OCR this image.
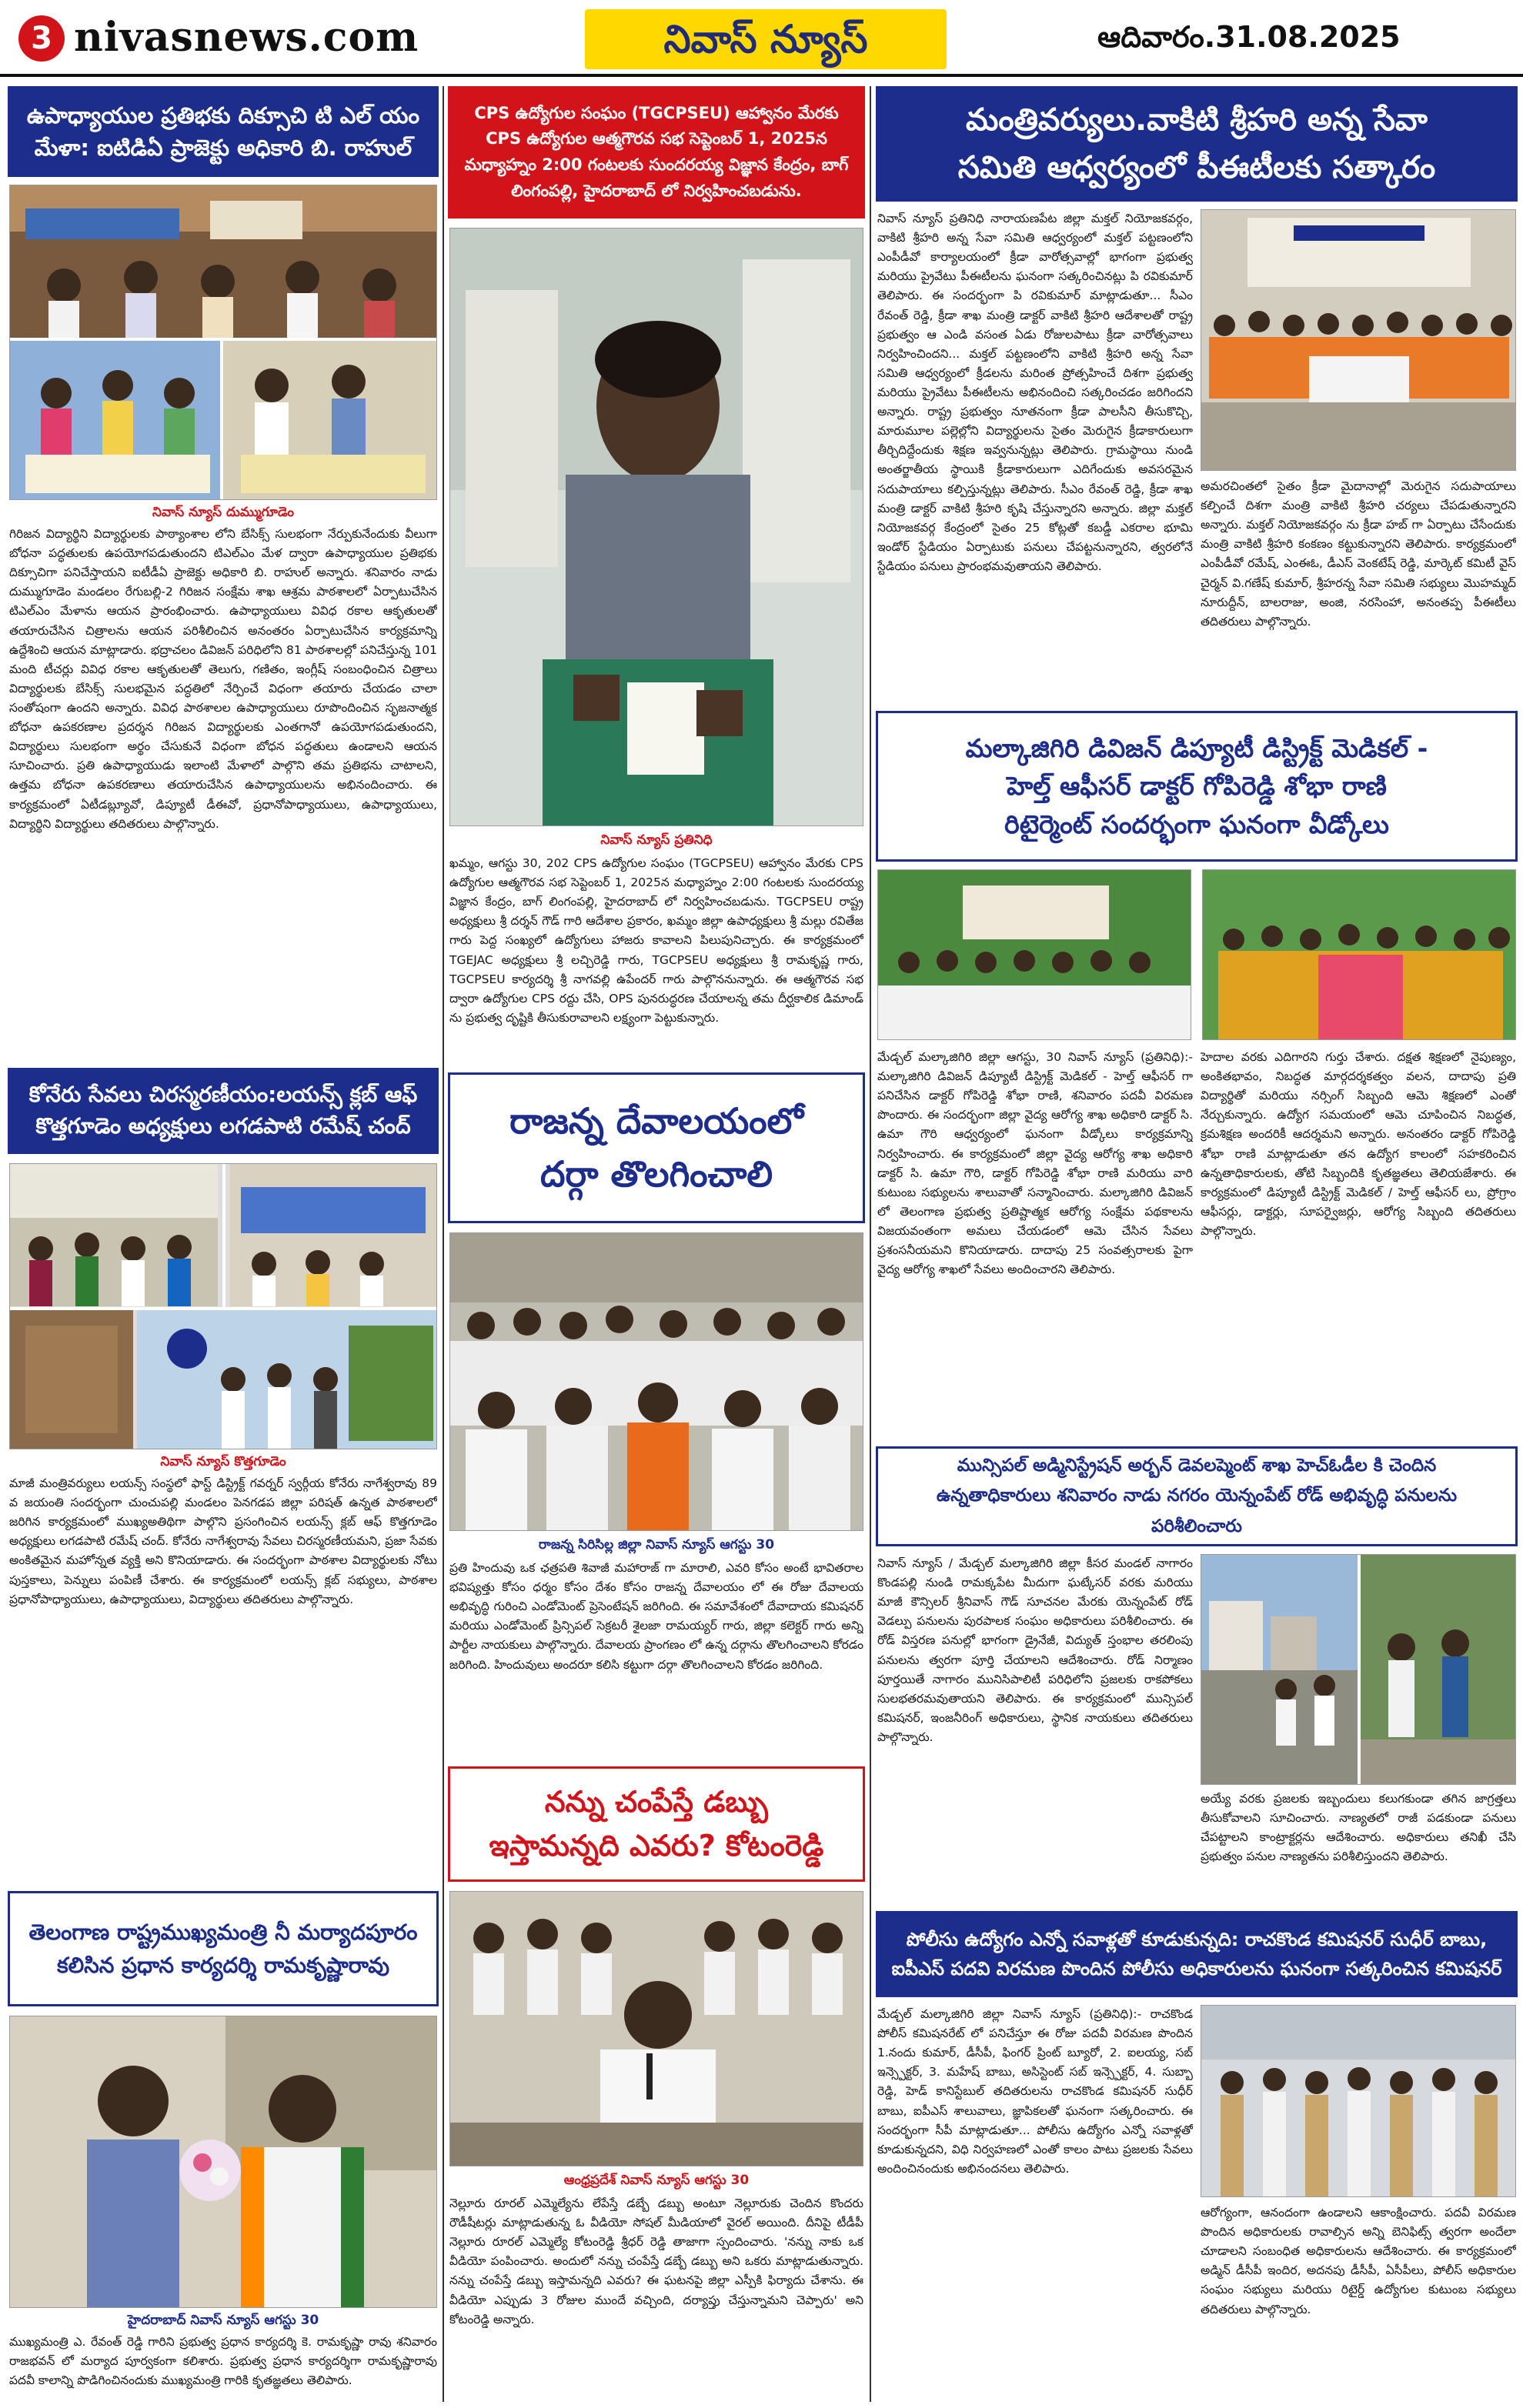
3 nivasnews.com	నివాస్ న్యూస్	ఆదివారం.31.08.2025
ఉపాధ్యాయుల ప్రతిభకు దిక్సూచి టి ఎల్ యం
మేళా: ఐటిడిఏ ప్రాజెక్టు అధికారి బి. రాహుల్
నివాస్ న్యూస్ దుమ్ముగూడెం
గిరిజన విద్యార్థిని విద్యార్థులకు పాఠ్యాంశాల లోని బేసిక్స్ సులభంగా నేర్పుకునేందుకు వీలుగా బోధనా పద్ధతులకు ఉపయోగపడుతుందని టిఎల్ఎం మేళ ద్వారా ఉపాధ్యాయుల ప్రతిభకు దిక్సూచిగా పనిచేస్తాయని ఐటీడీఏ ప్రాజెక్టు అధికారి బి. రాహుల్ అన్నారు. శనివారం నాడు దుమ్ముగూడెం మండలం రేగుబల్లి-2 గిరిజన సంక్షేమ శాఖ ఆశ్రమ పాఠశాలలో ఏర్పాటుచేసిన టిఎల్ఎం మేళాను ఆయన ప్రారంభించారు. ఉపాధ్యాయులు వివిధ రకాల ఆకృతులతో తయారుచేసిన చిత్రాలను ఆయన పరిశీలించిన అనంతరం ఏర్పాటుచేసిన కార్యక్రమాన్ని ఉద్దేశించి ఆయన మాట్లాడారు. భద్రాచలం డివిజన్ పరిధిలోని 81 పాఠశాలల్లో పనిచేస్తున్న 101 మంది టీచర్లు వివిధ రకాల ఆకృతులతో తెలుగు, గణితం, ఇంగ్లీష్ సంబంధించిన చిత్రాలు విద్యార్థులకు బేసిక్స్ సులభమైన పద్ధతిలో నేర్పించే విధంగా తయారు చేయడం చాలా సంతోషంగా ఉందని అన్నారు. వివిధ పాఠశాలల ఉపాధ్యాయులు రూపొందించిన సృజనాత్మక బోధనా ఉపకరణాల ప్రదర్శన గిరిజన విద్యార్థులకు ఎంతగానో ఉపయోగపడుతుందని, విద్యార్థులు సులభంగా అర్థం చేసుకునే విధంగా బోధన పద్ధతులు ఉండాలని ఆయన సూచించారు. ప్రతి ఉపాధ్యాయుడు ఇలాంటి మేళాలో పాల్గొని తమ ప్రతిభను చాటాలని, ఉత్తమ బోధనా ఉపకరణాలు తయారుచేసిన ఉపాధ్యాయులను అభినందించారు. ఈ కార్యక్రమంలో ఏటీడబ్ల్యూవో, డిప్యూటీ డీఈవో, ప్రధానోపాధ్యాయులు, ఉపాధ్యాయులు, విద్యార్థిని విద్యార్థులు తదితరులు పాల్గొన్నారు.
కోనేరు సేవలు చిరస్మరణీయం:లయన్స్ క్లబ్ ఆఫ్
కొత్తగూడెం అధ్యక్షులు లగడపాటి రమేష్ చంద్
నివాస్ న్యూస్ కొత్తగూడెం
మాజీ మంత్రివర్యులు లయన్స్ సంస్థలో ఫాస్ట్ డిస్ట్రిక్ట్ గవర్నర్ స్వర్గీయ కోనేరు నాగేశ్వరావు 89 వ జయంతి సందర్భంగా చుంచుపల్లి మండలం పెనగడప జిల్లా పరిషత్ ఉన్నత పాఠశాలలో జరిగిన కార్యక్రమంలో ముఖ్యఅతిథిగా పాల్గొని ప్రసంగించిన లయన్స్ క్లబ్ ఆఫ్ కొత్తగూడెం అధ్యక్షులు లగడపాటి రమేష్ చంద్. కోనేరు నాగేశ్వరావు సేవలు చిరస్మరణీయమని, ప్రజా సేవకు అంకితమైన మహోన్నత వ్యక్తి అని కొనియాడారు. ఈ సందర్భంగా పాఠశాల విద్యార్థులకు నోటు పుస్తకాలు, పెన్నులు పంపిణీ చేశారు. ఈ కార్యక్రమంలో లయన్స్ క్లబ్ సభ్యులు, పాఠశాల ప్రధానోపాధ్యాయులు, ఉపాధ్యాయులు, విద్యార్థులు తదితరులు పాల్గొన్నారు.
తెలంగాణ రాష్ట్రముఖ్యమంత్రి నీ మర్యాదపూరం
కలిసిన ప్రధాన కార్యదర్శి రామకృష్ణారావు
హైదరాబాద్ నివాస్ న్యూస్ ఆగస్టు 30
ముఖ్యమంత్రి ఎ. రేవంత్ రెడ్డి గారిని ప్రభుత్వ ప్రధాన కార్యదర్శి కె. రామకృష్ణా రావు శనివారం రాజభవన్ లో మర్యాద పూర్వకంగా కలిశారు. ప్రభుత్వ ప్రధాన కార్యదర్శిగా రామకృష్ణారావు పదవీ కాలాన్ని పొడిగించినందుకు ముఖ్యమంత్రి గారికి కృతజ్ఞతలు తెలిపారు.
CPS ఉద్యోగుల సంఘం (TGCPSEU) ఆహ్వానం మేరకు CPS ఉద్యోగుల ఆత్మగౌరవ సభ సెప్టెంబర్ 1, 2025న మధ్యాహ్నం 2:00 గంటలకు సుందరయ్య విజ్ఞాన కేంద్రం, బాగ్ లింగంపల్లి, హైదరాబాద్ లో నిర్వహించబడును.
నివాస్ న్యూస్ ప్రతినిధి
ఖమ్మం, ఆగస్టు 30, 202 CPS ఉద్యోగుల సంఘం (TGCPSEU) ఆహ్వానం మేరకు CPS ఉద్యోగుల ఆత్మగౌరవ సభ సెప్టెంబర్ 1, 2025న మధ్యాహ్నం 2:00 గంటలకు సుందరయ్య విజ్ఞాన కేంద్రం, బాగ్ లింగంపల్లి, హైదరాబాద్ లో నిర్వహించబడును. TGCPSEU రాష్ట్ర అధ్యక్షులు శ్రీ దర్శన్ గౌడ్ గారి ఆదేశాల ప్రకారం, ఖమ్మం జిల్లా ఉపాధ్యక్షులు శ్రీ మల్లు రవితేజ గారు పెద్ద సంఖ్యలో ఉద్యోగులు హాజరు కావాలని పిలుపునిచ్చారు. ఈ కార్యక్రమంలో TGEJAC అధ్యక్షులు శ్రీ లచ్చిరెడ్డి గారు, TGCPSEU అధ్యక్షులు శ్రీ రామకృష్ణ గారు, TGCPSEU కార్యదర్శి శ్రీ నాగవల్లి ఉపేందర్ గారు పాల్గొననున్నారు. ఈ ఆత్మగౌరవ సభ ద్వారా ఉద్యోగుల CPS రద్దు చేసి, OPS పునరుద్ధరణ చేయాలన్న తమ దీర్ఘకాలిక డిమాండ్ ను ప్రభుత్వ దృష్టికి తీసుకురావాలని లక్ష్యంగా పెట్టుకున్నారు.
రాజన్న దేవాలయంలో
దర్గా తొలగించాలి
రాజన్న సిరిసిల్ల జిల్లా నివాస్ న్యూస్ ఆగస్టు 30
ప్రతి హిందువు ఒక ఛత్రపతి శివాజీ మహారాజ్ గా మారాలి, ఎవరి కోసం అంటే భావితరాల భవిష్యత్తు కోసం ధర్మం కోసం దేశం కోసం రాజన్న దేవాలయం లో ఈ రోజు దేవాలయ అభివృద్ధి గురించి ఎండోమెంట్ ప్రెసెంటేషన్ జరిగింది. ఈ సమావేశంలో దేవాదాయ కమిషనర్ మరియు ఎండోమెంట్ ప్రిన్సిపల్ సెక్రటరీ శైలజా రామయ్యర్ గారు, జిల్లా కలెక్టర్ గారు అన్ని పార్టీల నాయకులు పాల్గొన్నారు. దేవాలయ ప్రాంగణం లో ఉన్న దర్గాను తొలగించాలని కోరడం జరిగింది. హిందువులు అందరూ కలిసి కట్టుగా దర్గా తొలగించాలని కోరడం జరిగింది.
నన్ను చంపేస్తే డబ్బు
ఇస్తామన్నది ఎవరు? కోటంరెడ్డి
ఆంధ్రప్రదేశ్ నివాస్ న్యూస్ ఆగస్టు 30
నెల్లూరు రూరల్ ఎమ్మెల్యేను లేపేస్తే డబ్బే డబ్బు అంటూ నెల్లూరుకు చెందిన కొందరు రౌడీషీటర్లు మాట్లాడుతున్న ఓ వీడియో సోషల్ మీడియాలో వైరల్ అయింది. దీనిపై టీడీపీ నెల్లూరు రూరల్ ఎమ్మెల్యే కోటంరెడ్డి శ్రీధర్ రెడ్డి తాజాగా స్పందించారు. 'నన్ను నాకు ఒక వీడియో పంపించారు. అందులో నన్ను చంపేస్తే డబ్బే డబ్బు అని ఒకరు మాట్లాడుతున్నారు. నన్ను చంపేస్తే డబ్బు ఇస్తామన్నది ఎవరు? ఈ ఘటనపై జిల్లా ఎస్పీకి ఫిర్యాదు చేశాను. ఈ వీడియో ఎప్పుడు 3 రోజుల ముందే వచ్చింది, దర్యాప్తు చేస్తున్నామని చెప్పారు' అని కోటంరెడ్డి అన్నారు.
మంత్రివర్యులు.వాకిటి శ్రీహరి అన్న సేవా
సమితి ఆధ్వర్యంలో పీఈటీలకు సత్కారం
నివాస్ న్యూస్ ప్రతినిధి నారాయణపేట జిల్లా మక్తల్ నియోజకవర్గం, వాకిటి శ్రీహరి అన్న సేవా సమితి ఆధ్వర్యంలో మక్తల్ పట్టణంలోని ఎంపీడీవో కార్యాలయంలో క్రీడా వారోత్సవాల్లో భాగంగా ప్రభుత్వ మరియు ప్రైవేటు పీఈటీలను ఘనంగా సత్కరించినట్లు పి రవికుమార్ తెలిపారు. ఈ సందర్భంగా పి రవికుమార్ మాట్లాడుతూ... సీఎం రేవంత్ రెడ్డి, క్రీడా శాఖ మంత్రి డాక్టర్ వాకిటి శ్రీహరి ఆదేశాలతో రాష్ట్ర ప్రభుత్వం ఆ ఎండి వసంత ఏడు రోజులపాటు క్రీడా వారోత్సవాలు నిర్వహించిందని... మక్తల్ పట్టణంలోని వాకిటి శ్రీహరి అన్న సేవా సమితి ఆధ్వర్యంలో క్రీడలను మరింత ప్రోత్సహించే దిశగా ప్రభుత్వ మరియు ప్రైవేటు పీఈటీలను అభినందించి సత్కరించడం జరిగిందని అన్నారు. రాష్ట్ర ప్రభుత్వం నూతనంగా క్రీడా పాలసీని తీసుకొచ్చి, మారుమూల పల్లెల్లోని విద్యార్థులను సైతం మెరుగైన క్రీడాకారులుగా తీర్చిదిద్దేందుకు శిక్షణ ఇవ్వనున్నట్లు తెలిపారు. గ్రామస్థాయి నుండి అంతర్జాతీయ స్థాయికి క్రీడాకారులుగా ఎదిగేందుకు అవసరమైన సదుపాయాలు కల్పిస్తున్నట్లు తెలిపారు. సీఎం రేవంత్ రెడ్డి, క్రీడా శాఖ మంత్రి డాక్టర్ వాకిటి శ్రీహరి కృషి చేస్తున్నారని అన్నారు. జిల్లా మక్తల్ నియోజకవర్గ కేంద్రంలో సైతం 25 కోట్లతో కబడ్డీ ఎకరాల భూమి ఇండోర్ స్టేడియం ఏర్పాటుకు పనులు చేపట్టనున్నారని, త్వరలోనే స్టేడియం పనులు ప్రారంభమవుతాయని తెలిపారు.
అమరచింతలో సైతం క్రీడా మైదానాల్లో మెరుగైన సదుపాయాలు కల్పించే దిశగా మంత్రి వాకిటి శ్రీహరి చర్యలు చేపడుతున్నారని అన్నారు. మక్తల్ నియోజకవర్గం ను క్రీడా హబ్ గా ఏర్పాటు చేసేందుకు మంత్రి వాకిటి శ్రీహరి కంకణం కట్టుకున్నారని తెలిపారు. కార్యక్రమంలో ఎంపీడీవో రమేష్, ఎంఈఓ, డీఎస్ వెంకటేష్ రెడ్డి, మార్కెట్ కమిటీ వైస్ చైర్మన్ వి.గణేష్ కుమార్, శ్రీహరన్న సేవా సమితి సభ్యులు మొహమ్మద్ నూరుద్దీన్, బాలరాజు, అంజి, నరసింహా, అనంతప్ప పీఈటీలు తదితరులు పాల్గొన్నారు.
మల్కాజిగిరి డివిజన్ డిప్యూటీ డిస్ట్రిక్ట్ మెడికల్ -
హెల్త్ ఆఫీసర్ డాక్టర్ గోపిరెడ్డి శోభా రాణి
రిటైర్మెంట్ సందర్భంగా ఘనంగా వీడ్కోలు
మేడ్చల్ మల్కాజిగిరి జిల్లా ఆగస్టు, 30 నివాస్ న్యూస్ (ప్రతినిధి):- మల్కాజిగిరి డివిజన్ డిప్యూటీ డిస్ట్రిక్ట్ మెడికల్ - హెల్త్ ఆఫీసర్ గా పనిచేసిన డాక్టర్ గోపిరెడ్డి శోభా రాణి, శనివారం పదవీ విరమణ పొందారు. ఈ సందర్భంగా జిల్లా వైద్య ఆరోగ్య శాఖ అధికారి డాక్టర్ సి. ఉమా గౌరి ఆధ్వర్యంలో ఘనంగా వీడ్కోలు కార్యక్రమాన్ని నిర్వహించారు. ఈ కార్యక్రమంలో జిల్లా వైద్య ఆరోగ్య శాఖ అధికారి డాక్టర్ సి. ఉమా గౌరి, డాక్టర్ గోపిరెడ్డి శోభా రాణి మరియు వారి కుటుంబ సభ్యులను శాలువాతో సన్మానించారు. మల్కాజిగిరి డివిజన్ లో తెలంగాణ ప్రభుత్వ ప్రతిష్టాత్మక ఆరోగ్య సంక్షేమ పథకాలను విజయవంతంగా అమలు చేయడంలో ఆమె చేసిన సేవలు ప్రశంసనీయమని కొనియాడారు. దాదాపు 25 సంవత్సరాలకు పైగా వైద్య ఆరోగ్య శాఖలో సేవలు అందించారని తెలిపారు.
హెదాల వరకు ఎదిగారని గుర్తు చేశారు. దక్షత శిక్షణలో నైపుణ్యం, అంకితభావం, నిబద్ధత మార్గదర్శకత్వం వలన, దాదాపు ప్రతి విద్యార్థితో మరియు నర్సింగ్ సిబ్బంది ఆమె శిక్షణలో ఎంతో నేర్చుకున్నారు. ఉద్యోగ సమయంలో ఆమె చూపించిన నిబద్ధత, క్రమశిక్షణ అందరికీ ఆదర్శమని అన్నారు. అనంతరం డాక్టర్ గోపిరెడ్డి శోభా రాణి మాట్లాడుతూ తన ఉద్యోగ కాలంలో సహకరించిన ఉన్నతాధికారులకు, తోటి సిబ్బందికి కృతజ్ఞతలు తెలియజేశారు. ఈ కార్యక్రమంలో డిప్యూటీ డిస్ట్రిక్ట్ మెడికల్ / హెల్త్ ఆఫీసర్ లు, ప్రోగ్రాం ఆఫీసర్లు, డాక్టర్లు, సూపర్వైజర్లు, ఆరోగ్య సిబ్బంది తదితరులు పాల్గొన్నారు.
మున్సిపల్ అడ్మినిస్ట్రేషన్ అర్బన్ డెవలప్మెంట్ శాఖ హెచ్ఓడీల కి చెందిన
ఉన్నతాధికారులు శనివారం నాడు నగరం యెన్నంపేట్ రోడ్ అభివృద్ధి పనులను పరిశీలించారు
నివాస్ న్యూస్ / మేడ్చల్ మల్కాజిగిరి జిల్లా కీసర మండల్ నాగారం కొండపల్లి నుండి రామక్కపేట మీదుగా ఘట్కేసర్ వరకు మరియు మాజీ కౌన్సిలర్ శ్రీనివాస్ గౌడ్ సూచనల మేరకు యెన్నంపేట్ రోడ్ వెడల్పు పనులను పురపాలక సంఘం అధికారులు పరిశీలించారు. ఈ రోడ్ విస్తరణ పనుల్లో భాగంగా డ్రైనేజీ, విద్యుత్ స్తంభాల తరలింపు పనులను త్వరగా పూర్తి చేయాలని ఆదేశించారు. రోడ్ నిర్మాణం పూర్తయితే నాగారం మునిసిపాలిటీ పరిధిలోని ప్రజలకు రాకపోకలు సులభతరమవుతాయని తెలిపారు. ఈ కార్యక్రమంలో మున్సిపల్ కమిషనర్, ఇంజనీరింగ్ అధికారులు, స్థానిక నాయకులు తదితరులు పాల్గొన్నారు.
అయ్యే వరకు ప్రజలకు ఇబ్బందులు కలుగకుండా తగిన జాగ్రత్తలు తీసుకోవాలని సూచించారు. నాణ్యతలో రాజీ పడకుండా పనులు చేపట్టాలని కాంట్రాక్టర్లను ఆదేశించారు. అధికారులు తనిఖీ చేసి ప్రభుత్వం పనుల నాణ్యతను పరిశీలిస్తుందని తెలిపారు.
పోలీసు ఉద్యోగం ఎన్నో సవాళ్లతో కూడుకున్నది: రాచకొండ కమిషనర్ సుధీర్ బాబు,
ఐపీఎస్ పదవి విరమణ పొందిన పోలీసు అధికారులను ఘనంగా సత్కరించిన కమిషనర్
మేడ్చల్ మల్కాజిగిరి జిల్లా నివాస్ న్యూస్ (ప్రతినిధి):- రాచకొండ పోలీస్ కమిషనరేట్ లో పనిచేస్తూ ఈ రోజు పదవీ విరమణ పొందిన 1.నందు కుమార్, డీసీపీ, ఫింగర్ ప్రింట్ బ్యూరో, 2. ఐలయ్య, సబ్ ఇన్స్పెక్టర్, 3. మహేష్ బాబు, అసిస్టెంట్ సబ్ ఇన్స్పెక్టర్, 4. సుబ్బా రెడ్డి, హెడ్ కానిస్టేబుల్ తదితరులను రాచకొండ కమిషనర్ సుధీర్ బాబు, ఐపీఎస్ శాలువాలు, జ్ఞాపికలతో ఘనంగా సత్కరించారు. ఈ సందర్భంగా సీపీ మాట్లాడుతూ... పోలీసు ఉద్యోగం ఎన్నో సవాళ్లతో కూడుకున్నదని, విధి నిర్వహణలో ఎంతో కాలం పాటు ప్రజలకు సేవలు అందించినందుకు అభినందనలు తెలిపారు.
ఆరోగ్యంగా, ఆనందంగా ఉండాలని ఆకాంక్షించారు. పదవీ విరమణ పొందిన అధికారులకు రావాల్సిన అన్ని బెనిఫిట్స్ త్వరగా అందేలా చూడాలని సంబంధిత అధికారులను ఆదేశించారు. ఈ కార్యక్రమంలో అడ్మిన్ డీసీపీ ఇందిర, అదనపు డీసీపీ, ఏసీపీలు, పోలీస్ అధికారుల సంఘం సభ్యులు మరియు రిటైర్డ్ ఉద్యోగుల కుటుంబ సభ్యులు తదితరులు పాల్గొన్నారు.
